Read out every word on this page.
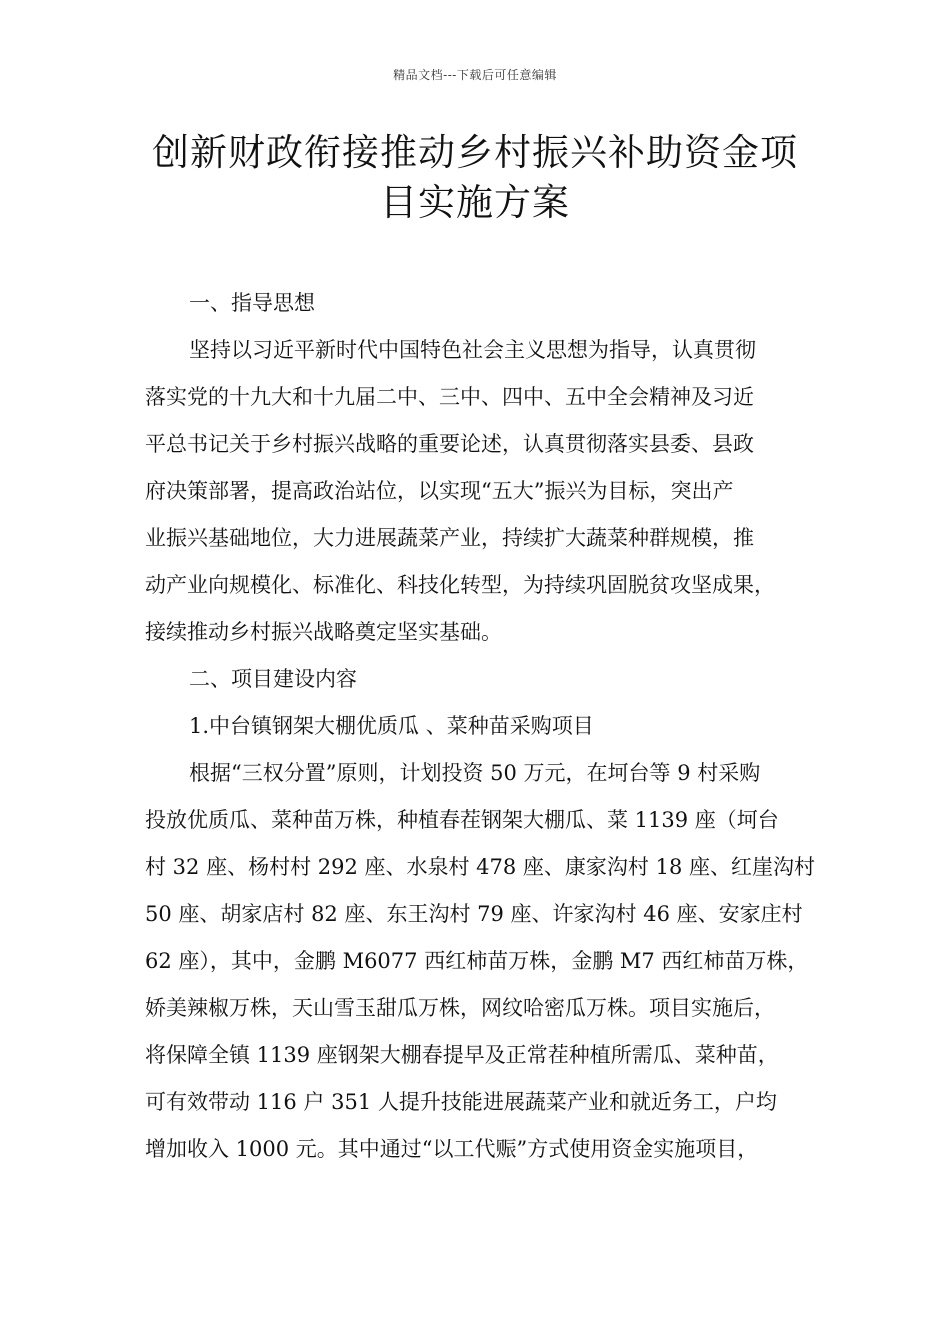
精品文档---下载后可任意编辑
创新财政衔接推动乡村振兴补助资金项
目实施方案
一、指导思想
坚持以习近平新时代中国特色社会主义思想为指导，认真贯彻
落实党的十九大和十九届二中、三中、四中、五中全会精神及习近
平总书记关于乡村振兴战略的重要论述，认真贯彻落实县委、县政
府决策部署，提高政治站位，以实现“五大”振兴为目标，突出产
业振兴基础地位，大力进展蔬菜产业，持续扩大蔬菜种群规模，推
动产业向规模化、标准化、科技化转型，为持续巩固脱贫攻坚成果，
接续推动乡村振兴战略奠定坚实基础。
二、项目建设内容
1.中台镇钢架大棚优质瓜 、菜种苗采购项目
根据“三权分置”原则，计划投资 50 万元，在坷台等 9 村采购
投放优质瓜、菜种苗万株，种植春茬钢架大棚瓜、菜 1139 座（坷台
村 32 座、杨村村 292 座、水泉村 478 座、康家沟村 18 座、红崖沟村
50 座、胡家店村 82 座、东王沟村 79 座、许家沟村 46 座、安家庄村
62 座），其中，金鹏 M6077 西红柿苗万株，金鹏 M7 西红柿苗万株，
娇美辣椒万株，天山雪玉甜瓜万株，网纹哈密瓜万株。项目实施后，
将保障全镇 1139 座钢架大棚春提早及正常茬种植所需瓜、菜种苗，
可有效带动 116 户 351 人提升技能进展蔬菜产业和就近务工，户均
增加收入 1000 元。其中通过“以工代赈”方式使用资金实施项目，
